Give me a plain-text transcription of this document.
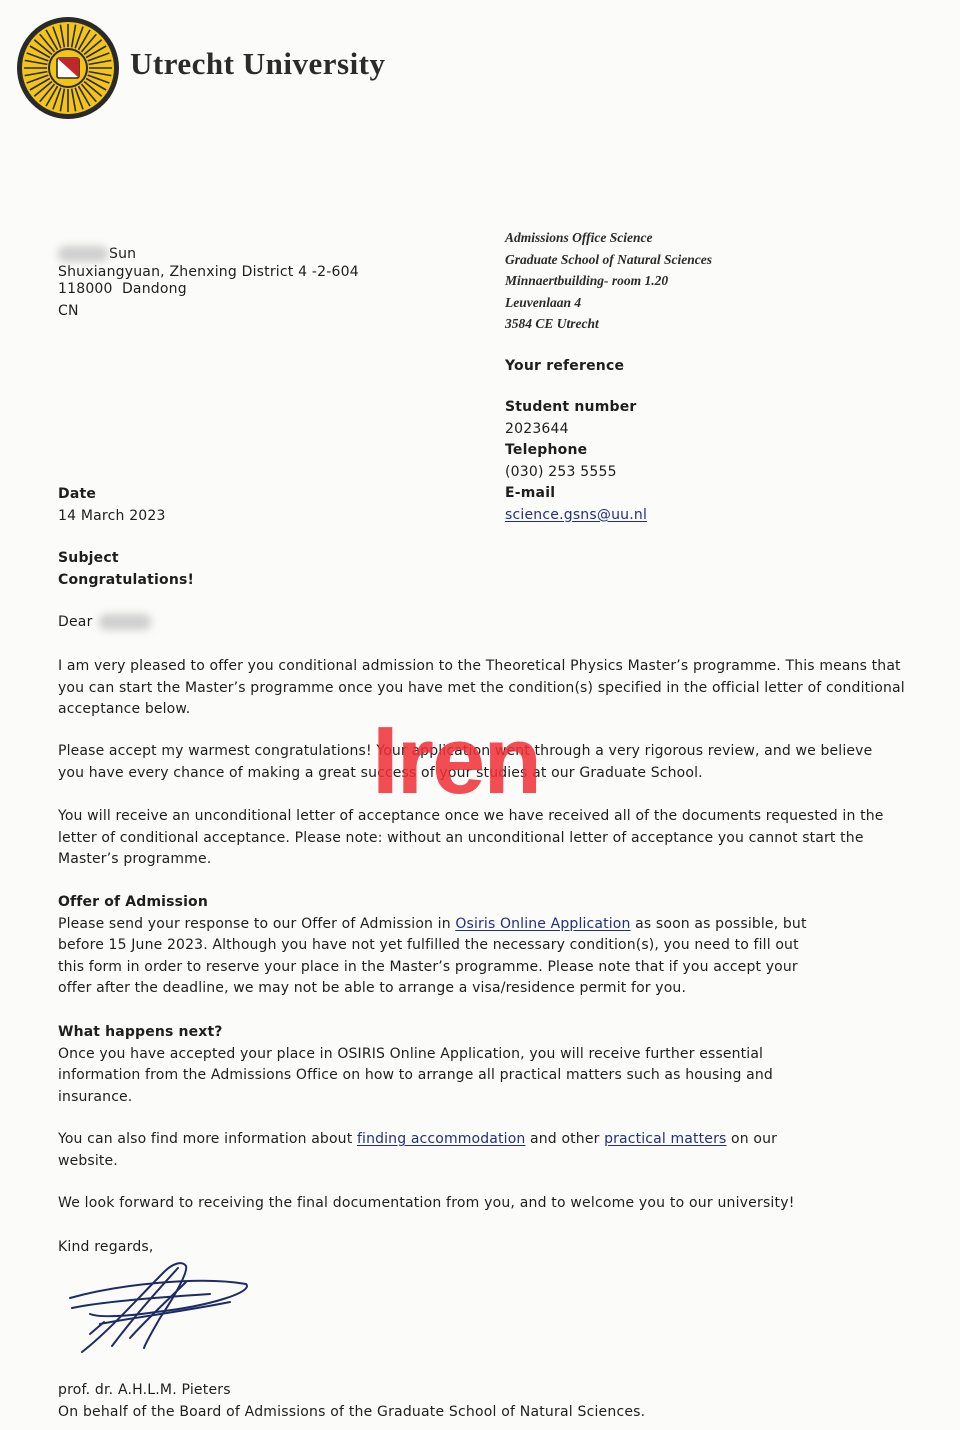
Utrecht University
Sun
Shuxiangyuan, Zhenxing District 4 -2-604
118000  Dandong
CN
Admissions Office Science
Graduate School of Natural Sciences
Minnaertbuilding- room 1.20
Leuvenlaan 4
3584 CE Utrecht
Your reference
Student number
2023644
Telephone
(030) 253 5555
E-mail
science.gsns@uu.nl
Date
14 March 2023
Subject
Congratulations!
Dear
I am very pleased to offer you conditional admission to the Theoretical Physics Master’s programme. This means that
you can start the Master’s programme once you have met the condition(s) specified in the official letter of conditional
acceptance below.
Please accept my warmest congratulations! Your application went through a very rigorous review, and we believe
you have every chance of making a great success of your studies at our Graduate School.
You will receive an unconditional letter of acceptance once we have received all of the documents requested in the
letter of conditional acceptance. Please note: without an unconditional letter of acceptance you cannot start the
Master’s programme.
Offer of Admission
Please send your response to our Offer of Admission in Osiris Online Application as soon as possible, but
before 15 June 2023. Although you have not yet fulfilled the necessary condition(s), you need to fill out
this form in order to reserve your place in the Master’s programme. Please note that if you accept your
offer after the deadline, we may not be able to arrange a visa/residence permit for you.
What happens next?
Once you have accepted your place in OSIRIS Online Application, you will receive further essential
information from the Admissions Office on how to arrange all practical matters such as housing and
insurance.
You can also find more information about finding accommodation and other practical matters on our
website.
We look forward to receiving the final documentation from you, and to welcome you to our university!
Kind regards,
prof. dr. A.H.L.M. Pieters
On behalf of the Board of Admissions of the Graduate School of Natural Sciences.
Iren
